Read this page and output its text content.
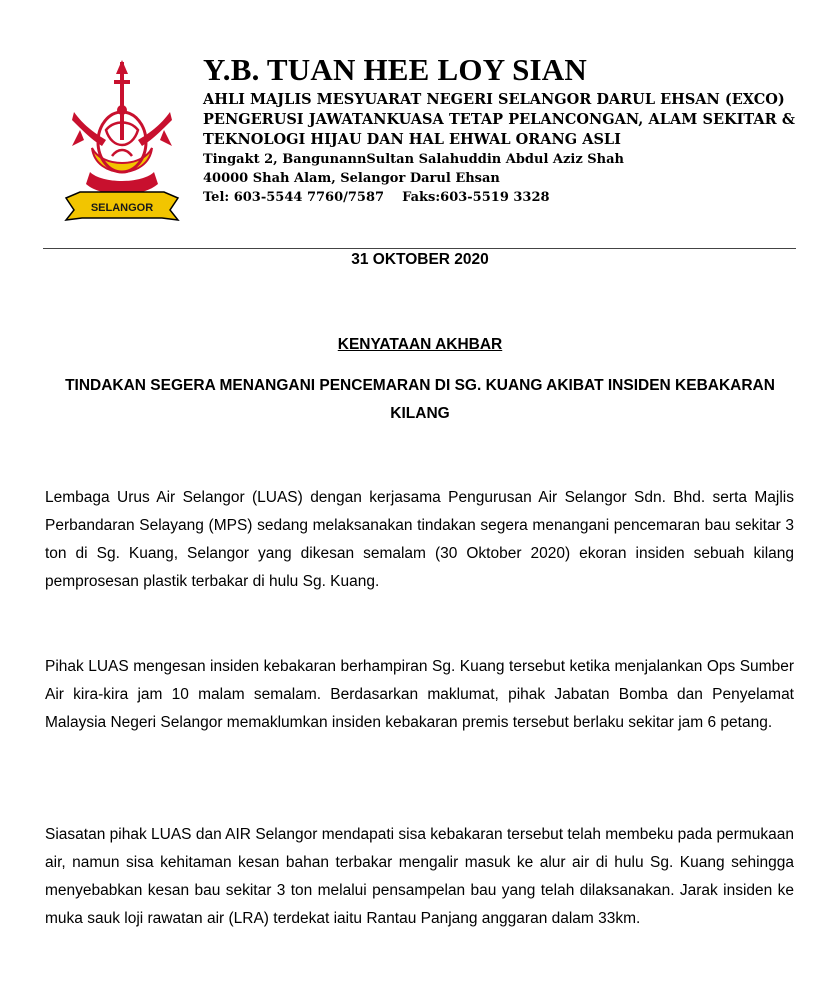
SELANGOR

Y.B. TUAN HEE LOY SIAN

AHLI MAJLIS MESYUARAT NEGERI SELANGOR DARUL EHSAN (EXCO)

PENGERUSI JAWATANKUASA TETAP PELANCONGAN, ALAM SEKITAR &

TEKNOLOGI HIJAU DAN HAL EHWAL ORANG ASLI

Tingakt 2, BangunannSultan Salahuddin Abdul Aziz Shah

40000 Shah Alam, Selangor Darul Ehsan

Tel: 603-5544 7760/7587 Faks:603-5519 3328

31 OKTOBER 2020
KENYATAAN AKHBAR

TINDAKAN SEGERA MENANGANI PENCEMARAN DI SG. KUANG AKIBAT INSIDEN KEBAKARAN KILANG

Lembaga Urus Air Selangor (LUAS) dengan kerjasama Pengurusan Air Selangor Sdn. Bhd. serta Majlis Perbandaran Selayang (MPS) sedang melaksanakan tindakan segera menangani pencemaran bau sekitar 3 ton di Sg. Kuang, Selangor yang dikesan semalam (30 Oktober 2020) ekoran insiden sebuah kilang pemprosesan plastik terbakar di hulu Sg. Kuang.

Pihak LUAS mengesan insiden kebakaran berhampiran Sg. Kuang tersebut ketika menjalankan Ops Sumber Air kira-kira jam 10 malam semalam. Berdasarkan maklumat, pihak Jabatan Bomba dan Penyelamat Malaysia Negeri Selangor memaklumkan insiden kebakaran premis tersebut berlaku sekitar jam 6 petang.

Siasatan pihak LUAS dan AIR Selangor mendapati sisa kebakaran tersebut telah membeku pada permukaan air, namun sisa kehitaman kesan bahan terbakar mengalir masuk ke alur air di hulu Sg. Kuang sehingga menyebabkan kesan bau sekitar 3 ton melalui pensampelan bau yang telah dilaksanakan. Jarak insiden ke muka sauk loji rawatan air (LRA) terdekat iaitu Rantau Panjang anggaran dalam 33km.
